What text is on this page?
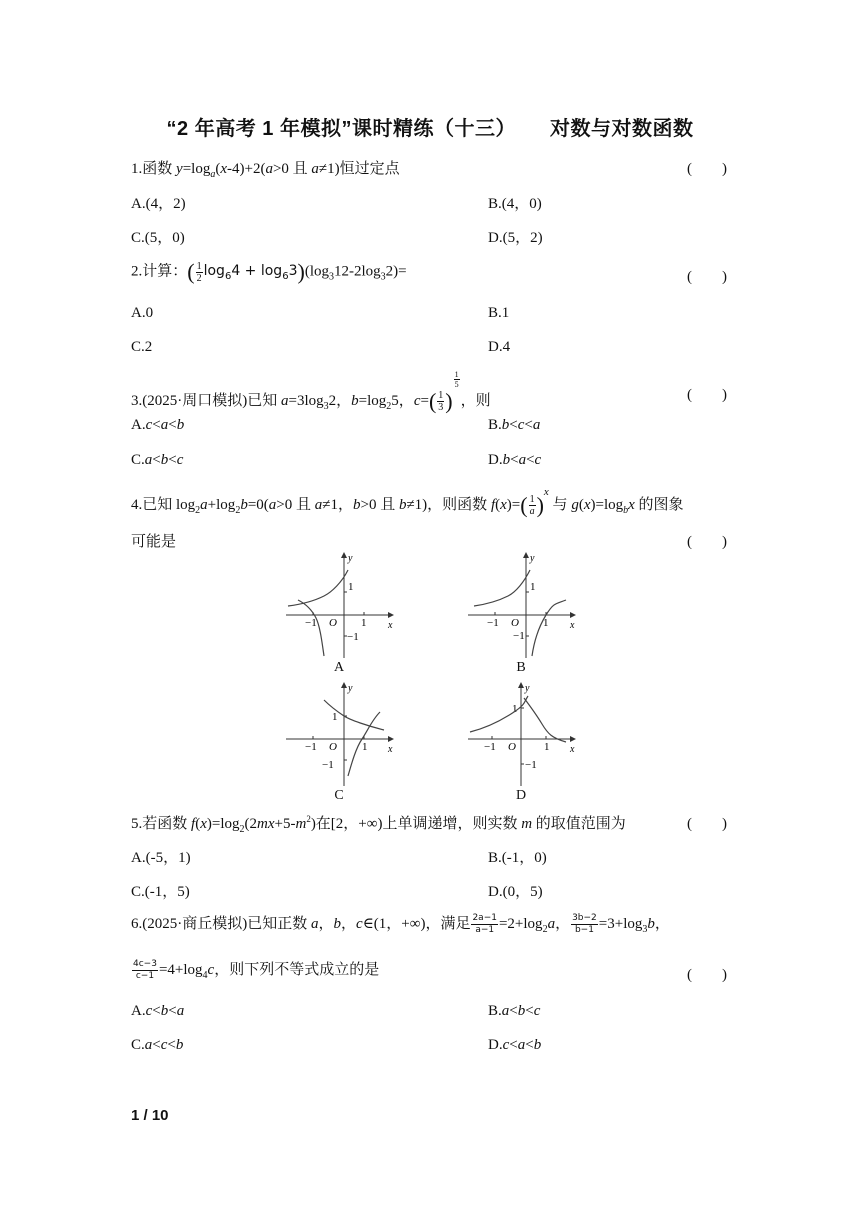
“2 年高考 1 年模拟”课时精练（十三） 对数与对数函数
1.函数 $y=\log_a(x-4)+2(a>0$ 且 a≠1)恒过定点	(　　)
A.(4，2)	B.(4，0)
C.(5，0)	D.(5，2)
2.计算：( $\frac{1}{2} \log_64 + \log_63)(\log_312-2\log_32)=$	(　　)
A.0	B.1
C.2	D.4
3.(2025·周口模拟)已知 $a=3\log_32$，$b=\log_25$，$c=( \frac{1}{3}$ )
$\frac{1}{5}$
，则	(　　)
A.c<a<b	B.b<c<a
C.a<b<c	D.b<a<c
4.已知 $\log_2a+\log_2b=0(a>0$ 且 a≠1，b>0 且 b≠1)，则函数 $f(x)=( \frac{1}{a} )^x$ 与 $g(x)=\log_bx$ 的图象
可能是	(　　)
−1	1
1
−1
O	x
y
A
−1	1
1
−1
O	x
y
B
−1	1
1
−1
O	x
y
C
−1	1
1
−1
O	x
y
D
5.若函数 $f(x)=\log_2(2mx+5-m^2)$在[2，+∞)上单调递增，则实数 m 的取值范围为	(　　)
A.(-5，1)	B.(-1，0)
C.(-1，5)	D.(0，5)
6.(2025·商丘模拟)已知正数 a，b，c∈(1，+∞)，满足 $\frac{2a-1}{a-1} =2+\log_2a$， $\frac{3b-2}{b-1} =3+\log_3b$，
$\frac{4c-3}{c-1} =4+\log_4c$，则下列不等式成立的是	(　　)
A.c<b<a	B.a<b<c
C.a<c<b	D.c<a<b
1 / 10
